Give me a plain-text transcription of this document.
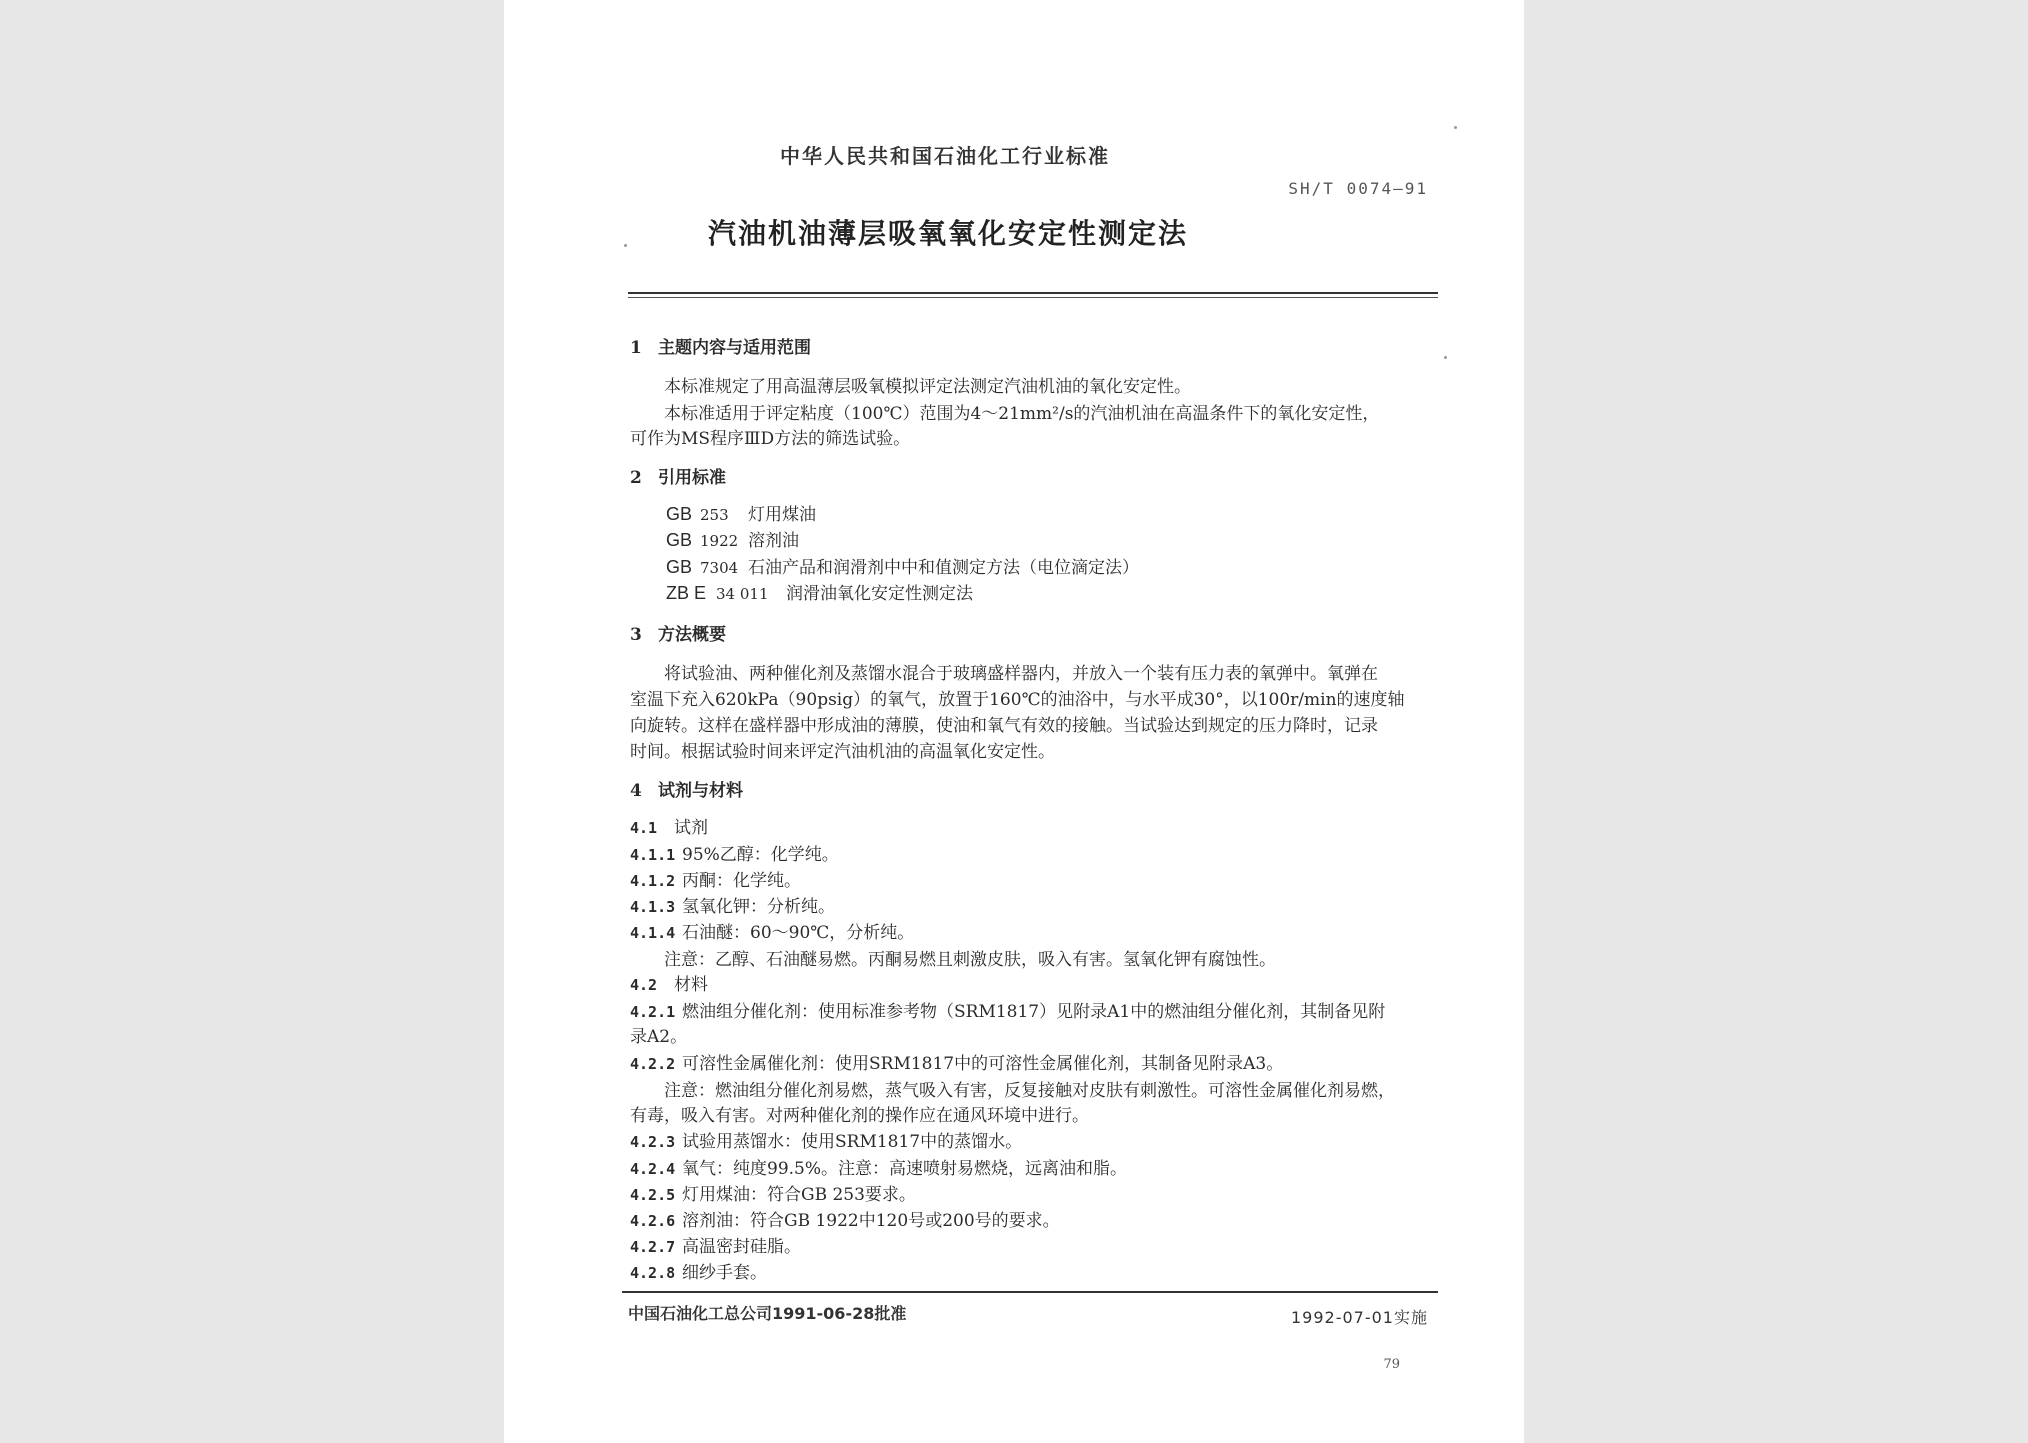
中华人民共和国石油化工行业标准
SH/T 0074—91
汽油机油薄层吸氧氧化安定性测定法
1 主题内容与适用范围
本标准规定了用高温薄层吸氧模拟评定法测定汽油机油的氧化安定性。
本标准适用于评定粘度（100℃）范围为4～21mm²/s的汽油机油在高温条件下的氧化安定性，
可作为MS程序ⅢD方法的筛选试验。
2 引用标准
GB 253 灯用煤油
GB 1922 溶剂油
GB 7304 石油产品和润滑剂中中和值测定方法（电位滴定法）
ZB E 34 011 润滑油氧化安定性测定法
3 方法概要
将试验油、两种催化剂及蒸馏水混合于玻璃盛样器内，并放入一个装有压力表的氧弹中。氧弹在
室温下充入620kPa（90psig）的氧气，放置于160℃的油浴中，与水平成30°，以100r/min的速度轴
向旋转。这样在盛样器中形成油的薄膜，使油和氧气有效的接触。当试验达到规定的压力降时，记录
时间。根据试验时间来评定汽油机油的高温氧化安定性。
4 试剂与材料
4.1 试剂
4.1.1 95%乙醇：化学纯。
4.1.2 丙酮：化学纯。
4.1.3 氢氧化钾：分析纯。
4.1.4 石油醚：60～90℃，分析纯。
注意：乙醇、石油醚易燃。丙酮易燃且刺激皮肤，吸入有害。氢氧化钾有腐蚀性。
4.2 材料
4.2.1 燃油组分催化剂：使用标准参考物（SRM1817）见附录A1中的燃油组分催化剂，其制备见附
录A2。
4.2.2 可溶性金属催化剂：使用SRM1817中的可溶性金属催化剂，其制备见附录A3。
注意：燃油组分催化剂易燃，蒸气吸入有害，反复接触对皮肤有刺激性。可溶性金属催化剂易燃，
有毒，吸入有害。对两种催化剂的操作应在通风环境中进行。
4.2.3 试验用蒸馏水：使用SRM1817中的蒸馏水。
4.2.4 氧气：纯度99.5%。注意：高速喷射易燃烧，远离油和脂。
4.2.5 灯用煤油：符合GB 253要求。
4.2.6 溶剂油：符合GB 1922中120号或200号的要求。
4.2.7 高温密封硅脂。
4.2.8 细纱手套。
中国石油化工总公司1991-06-28批准	1992-07-01实施
79
